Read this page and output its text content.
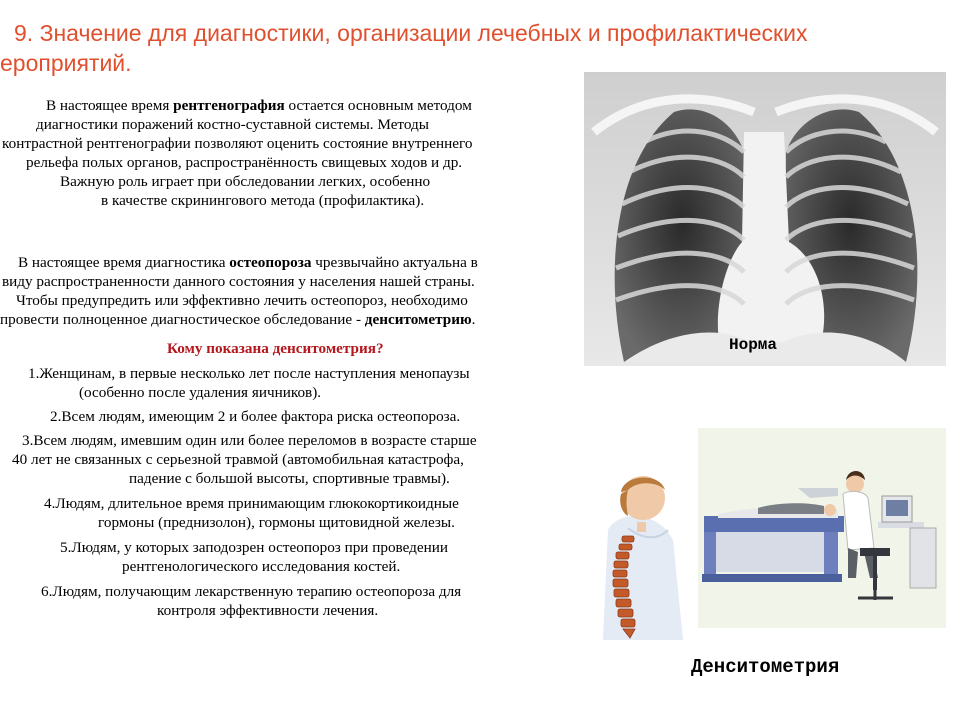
9. Значение для диагностики, организации лечебных и профилактических
ероприятий.
В настоящее время рентгенография остается основным методом
диагностики поражений костно-суставной системы. Методы
контрастной рентгенографии позволяют оценить состояние внутреннего
рельефа полых органов, распространённость свищевых ходов и др.
Важную роль играет при обследовании легких, особенно
в качестве скринингового метода (профилактика).
В настоящее время диагностика остеопороза чрезвычайно актуальна в
виду распространенности данного состояния у населения нашей страны.
Чтобы предупредить или эффективно лечить остеопороз, необходимо
провести полноценное диагностическое обследование - денситометрию.
Кому показана денситометрия?
1.Женщинам, в первые несколько лет после наступления менопаузы
(особенно после удаления яичников).
2.Всем людям, имеющим 2 и более фактора риска остеопороза.
3.Всем людям, имевшим один или более переломов в возрасте старше
40 лет не связанных с серьезной травмой (автомобильная катастрофа,
падение с большой высоты, спортивные травмы).
4.Людям, длительное время принимающим глюкокортикоидные
гормоны (преднизолон), гормоны щитовидной железы.
5.Людям, у которых заподозрен остеопороз при проведении
рентгенологического исследования костей.
6.Людям, получающим лекарственную терапию остеопороза для
контроля эффективности лечения.
Норма
Денситометрия
